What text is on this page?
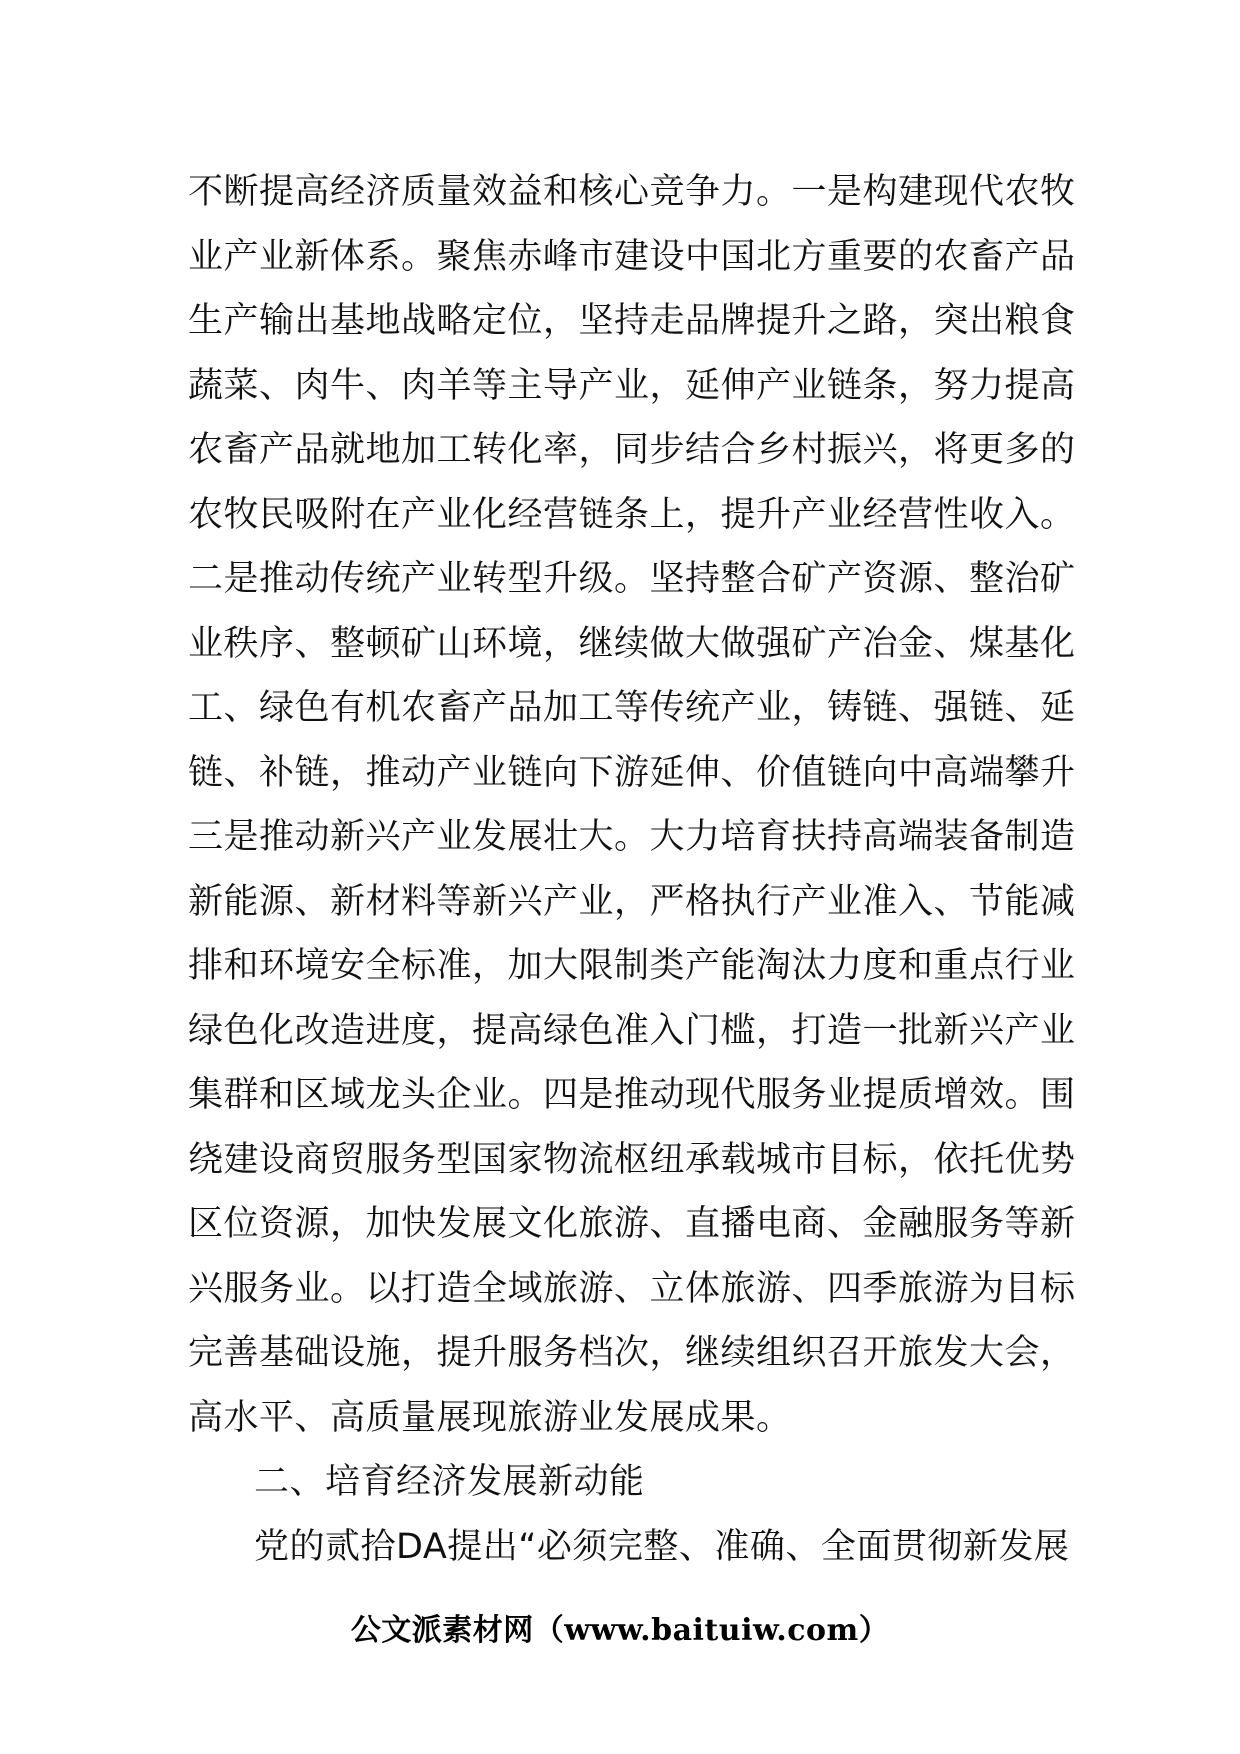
不断提高经济质量效益和核心竞争力。一是构建现代农牧
业产业新体系。聚焦赤峰市建设中国北方重要的农畜产品
生产输出基地战略定位，坚持走品牌提升之路，突出粮食
蔬菜、肉牛、肉羊等主导产业，延伸产业链条，努力提高
农畜产品就地加工转化率，同步结合乡村振兴，将更多的
农牧民吸附在产业化经营链条上，提升产业经营性收入。
二是推动传统产业转型升级。坚持整合矿产资源、整治矿
业秩序、整顿矿山环境，继续做大做强矿产冶金、煤基化
工、绿色有机农畜产品加工等传统产业，铸链、强链、延
链、补链，推动产业链向下游延伸、价值链向中高端攀升
三是推动新兴产业发展壮大。大力培育扶持高端装备制造
新能源、新材料等新兴产业，严格执行产业准入、节能减
排和环境安全标准，加大限制类产能淘汰力度和重点行业
绿色化改造进度，提高绿色准入门槛，打造一批新兴产业
集群和区域龙头企业。四是推动现代服务业提质增效。围
绕建设商贸服务型国家物流枢纽承载城市目标，依托优势
区位资源，加快发展文化旅游、直播电商、金融服务等新
兴服务业。以打造全域旅游、立体旅游、四季旅游为目标
完善基础设施，提升服务档次，继续组织召开旅发大会，
高水平、高质量展现旅游业发展成果。
二、培育经济发展新动能
党的贰拾DA提出“必须完整、准确、全面贯彻新发展
公文派素材网（www.baituiw.com）
